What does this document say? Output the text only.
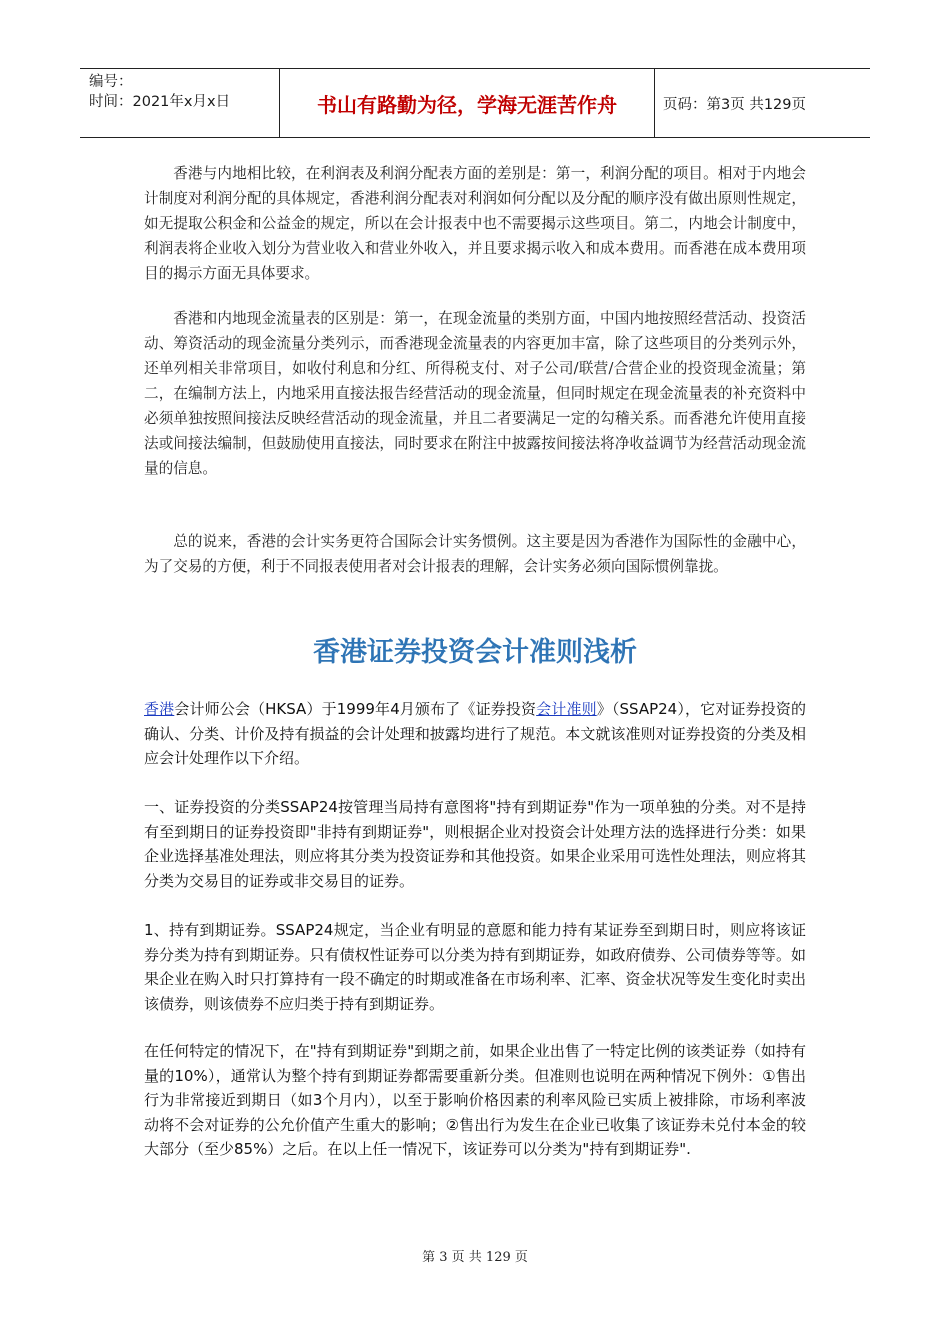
编号：
时间：2021年x月x日	书山有路勤为径，学海无涯苦作舟	页码：第3页 共129页

香港与内地相比较，在利润表及利润分配表方面的差别是：第一，利润分配的项目。相对于内地会计制度对利润分配的具体规定，香港利润分配表对利润如何分配以及分配的顺序没有做出原则性规定，如无提取公积金和公益金的规定，所以在会计报表中也不需要揭示这些项目。第二，内地会计制度中，利润表将企业收入划分为营业收入和营业外收入，并且要求揭示收入和成本费用。而香港在成本费用项目的揭示方面无具体要求。

香港和内地现金流量表的区别是：第一，在现金流量的类别方面，中国内地按照经营活动、投资活动、筹资活动的现金流量分类列示，而香港现金流量表的内容更加丰富，除了这些项目的分类列示外，还单列相关非常项目，如收付利息和分红、所得税支付、对子公司/联营/合营企业的投资现金流量；第二，在编制方法上，内地采用直接法报告经营活动的现金流量，但同时规定在现金流量表的补充资料中必须单独按照间接法反映经营活动的现金流量，并且二者要满足一定的勾稽关系。而香港允许使用直接法或间接法编制，但鼓励使用直接法，同时要求在附注中披露按间接法将净收益调节为经营活动现金流量的信息。

总的说来，香港的会计实务更符合国际会计实务惯例。这主要是因为香港作为国际性的金融中心，为了交易的方便，利于不同报表使用者对会计报表的理解，会计实务必须向国际惯例靠拢。

香港证券投资会计准则浅析

香港会计师公会（HKSA）于1999年4月颁布了《证券投资会计准则》（SSAP24），它对证券投资的确认、分类、计价及持有损益的会计处理和披露均进行了规范。本文就该准则对证券投资的分类及相应会计处理作以下介绍。

一、证券投资的分类SSAP24按管理当局持有意图将"持有到期证券"作为一项单独的分类。对不是持有至到期日的证券投资即"非持有到期证券"，则根据企业对投资会计处理方法的选择进行分类：如果企业选择基准处理法，则应将其分类为投资证券和其他投资。如果企业采用可选性处理法，则应将其分类为交易目的证券或非交易目的证券。

1、持有到期证券。SSAP24规定，当企业有明显的意愿和能力持有某证券至到期日时，则应将该证券分类为持有到期证券。只有债权性证券可以分类为持有到期证券，如政府债券、公司债券等等。如果企业在购入时只打算持有一段不确定的时期或准备在市场利率、汇率、资金状况等发生变化时卖出该债券，则该债券不应归类于持有到期证券。

在任何特定的情况下，在"持有到期证券"到期之前，如果企业出售了一特定比例的该类证券（如持有量的10%），通常认为整个持有到期证券都需要重新分类。但准则也说明在两种情况下例外：①售出行为非常接近到期日（如3个月内），以至于影响价格因素的利率风险已实质上被排除，市场利率波动将不会对证券的公允价值产生重大的影响；②售出行为发生在企业已收集了该证券未兑付本金的较大部分（至少85%）之后。在以上任一情况下，该证券可以分类为"持有到期证券".

第 3 页 共 129 页
